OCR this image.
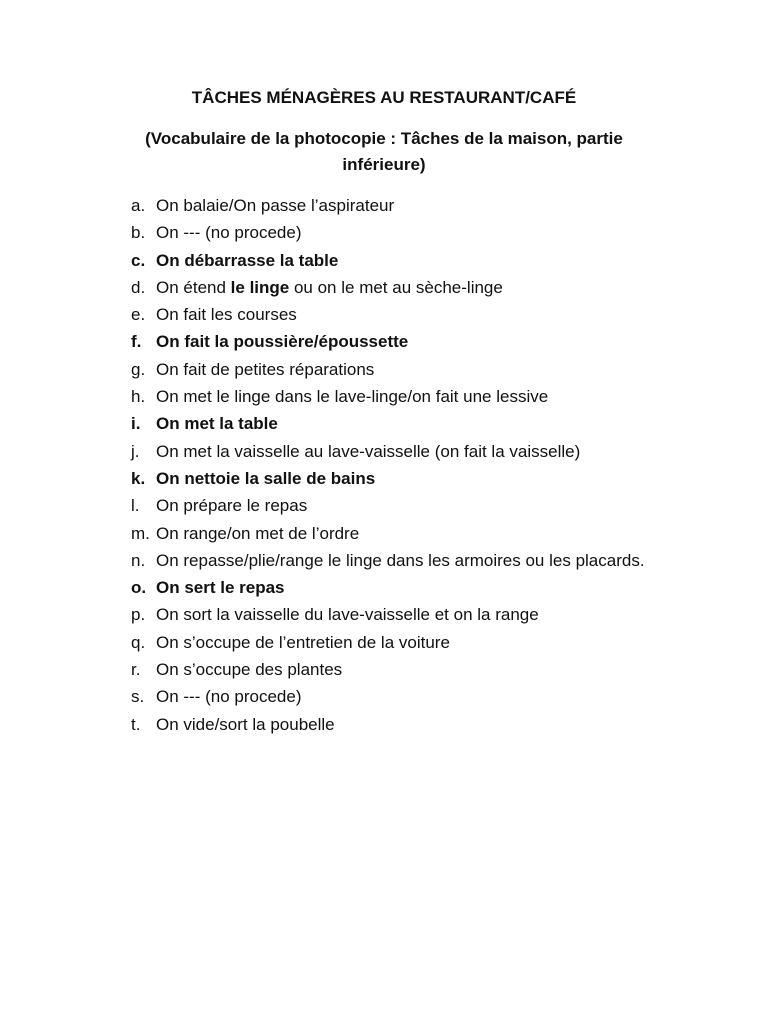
TÂCHES MÉNAGÈRES AU RESTAURANT/CAFÉ

(Vocabulaire de la photocopie : Tâches de la maison, partie inférieure)

a. On balaie/On passe l’aspirateur
b. On --- (no procede)
c. On débarrasse la table
d. On étend le linge ou on le met au sèche-linge
e. On fait les courses
f. On fait la poussière/époussette
g. On fait de petites réparations
h. On met le linge dans le lave-linge/on fait une lessive
i. On met la table
j. On met la vaisselle au lave-vaisselle (on fait la vaisselle)
k. On nettoie la salle de bains
l. On prépare le repas
m. On range/on met de l’ordre
n. On repasse/plie/range le linge dans les armoires ou les placards.
o. On sert le repas
p. On sort la vaisselle du lave-vaisselle et on la range
q. On s’occupe de l’entretien de la voiture
r. On s’occupe des plantes
s. On --- (no procede)
t. On vide/sort la poubelle
